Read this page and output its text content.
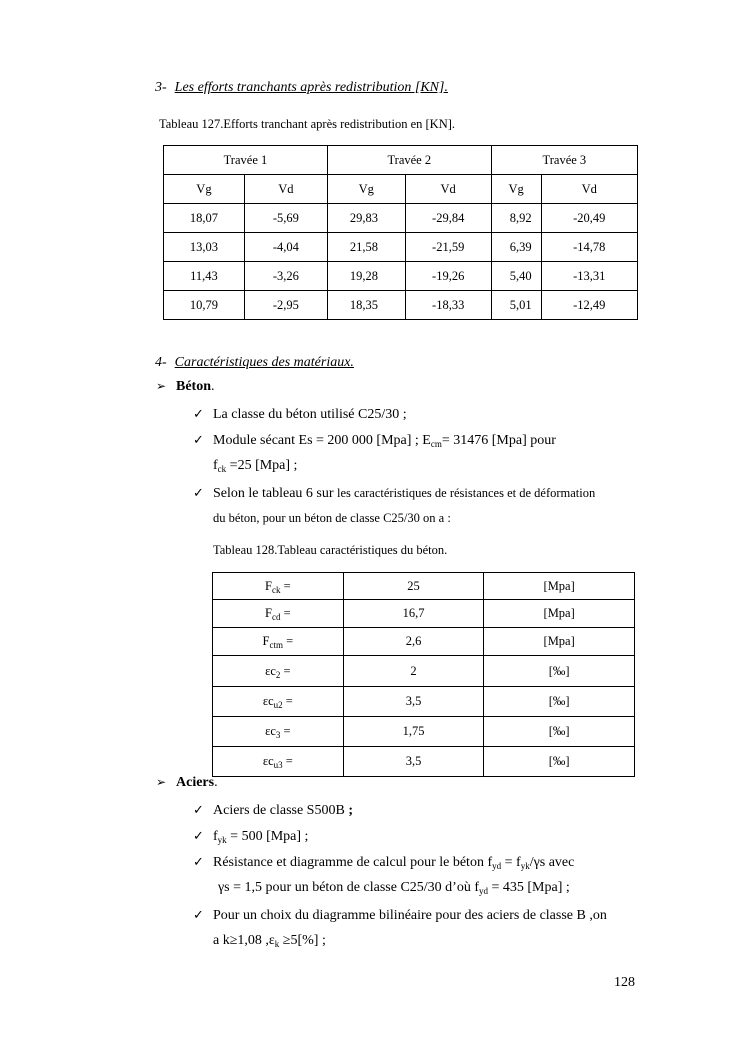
3- Les efforts tranchants après redistribution [KN].
Tableau 127.Efforts tranchant après redistribution en [KN].
Travée 1		Travée 2		Travée 3	
Vg	Vd	Vg	Vd	Vg	Vd
18,07	-5,69	29,83	-29,84	8,92	-20,49
13,03	-4,04	21,58	-21,59	6,39	-14,78
11,43	-3,26	19,28	-19,26	5,40	-13,31
10,79	-2,95	18,35	-18,33	5,01	-12,49
4- Caractéristiques des matériaux.
➢ Béton.
✓ La classe du béton utilisé C25/30 ;
✓ Module sécant Es = 200 000 [Mpa] ; $E_{cm}= 31476$ [Mpa] pour
$f_{ck} =25$ [Mpa] ;
✓ Selon le tableau 6 sur les caractéristiques de résistances et de déformation
du béton, pour un béton de classe C25/30 on a :
Tableau 128.Tableau caractéristiques du béton.
$F_{ck}$ =	25	[Mpa]
$F_{cd}$ =	16,7	[Mpa]
$F_{ctm}$ =	2,6	[Mpa]
$\varepsilon c_2$ =	2	[‰]
$\varepsilon c_{u2}$ =	3,5	[‰]
$\varepsilon c_3$ =	1,75	[‰]
$\varepsilon c_{u3}$ =	3,5	[‰]
➢ Aciers.
✓ Aciers de classe S500B ;
✓ $f_{yk} = 500$ [Mpa] ;
✓ Résistance et diagramme de calcul pour le béton $f_{yd} = f_{yk}/\gamma s$ avec
γs = 1,5 pour un béton de classe C25/30 d’où $f_{yd} = 435$ [Mpa] ;
✓ Pour un choix du diagramme bilinéaire pour des aciers de classe B ,on
a k≥1,08 $,\varepsilon_k \ge 5[\%]$ ;
128
